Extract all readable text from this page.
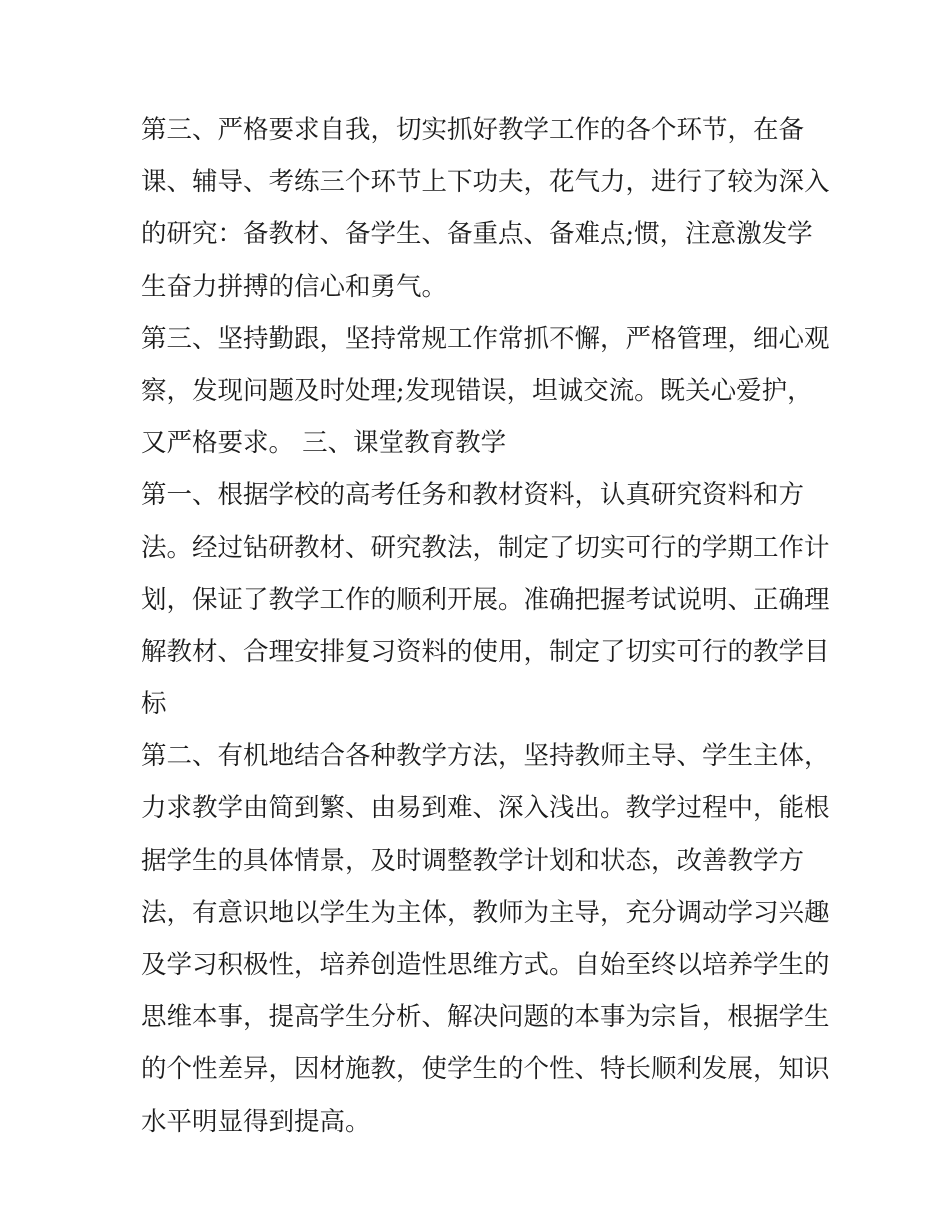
第三、严格要求自我，切实抓好教学工作的各个环节，在备
课、辅导、考练三个环节上下功夫，花气力，进行了较为深入
的研究：备教材、备学生、备重点、备难点;惯，注意激发学
生奋力拼搏的信心和勇气。
第三、坚持勤跟，坚持常规工作常抓不懈，严格管理，细心观
察，发现问题及时处理;发现错误，坦诚交流。既关心爱护，
又严格要求。 三、课堂教育教学
第一、根据学校的高考任务和教材资料，认真研究资料和方
法。经过钻研教材、研究教法，制定了切实可行的学期工作计
划，保证了教学工作的顺利开展。准确把握考试说明、正确理
解教材、合理安排复习资料的使用，制定了切实可行的教学目
标
第二、有机地结合各种教学方法，坚持教师主导、学生主体，
力求教学由简到繁、由易到难、深入浅出。教学过程中，能根
据学生的具体情景，及时调整教学计划和状态，改善教学方
法，有意识地以学生为主体，教师为主导，充分调动学习兴趣
及学习积极性，培养创造性思维方式。自始至终以培养学生的
思维本事，提高学生分析、解决问题的本事为宗旨，根据学生
的个性差异，因材施教，使学生的个性、特长顺利发展，知识
水平明显得到提高。
